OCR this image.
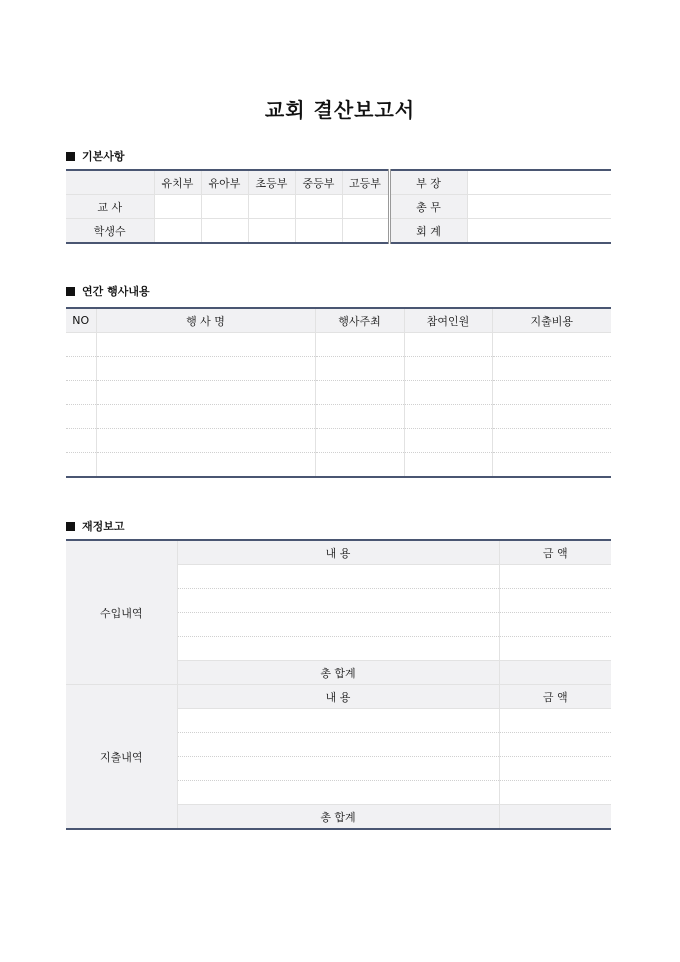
교회 결산보고서
기본사항
	유치부	유아부	초등부	중등부	고등부	부 장	
교 사						총 무	
학생수						회 계	
연간 행사내용
NO	행 사 명	행사주최	참여인원	지출비용

재정보고
수입내역	내 용	금 액

	총 합계	
지출내역	내 용	금 액

	총 합계	
